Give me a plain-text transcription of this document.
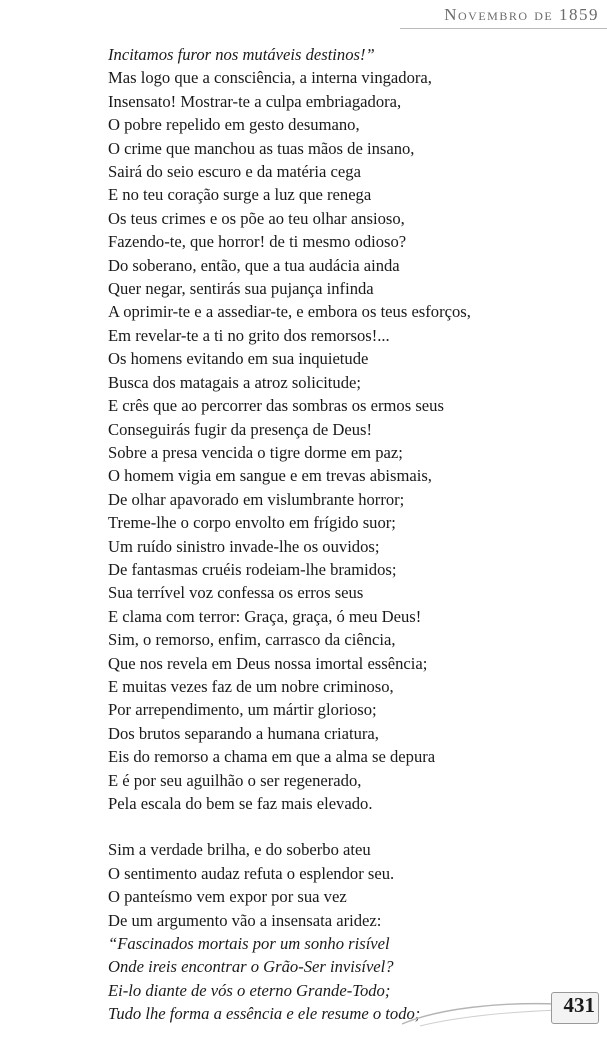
Novembro de 1859
Incitamos furor nos mutáveis destinos!”
Mas logo que a consciência, a interna vingadora,
Insensato! Mostrar-te a culpa embriagadora,
O pobre repelido em gesto desumano,
O crime que manchou as tuas mãos de insano,
Sairá do seio escuro e da matéria cega
E no teu coração surge a luz que renega
Os teus crimes e os põe ao teu olhar ansioso,
Fazendo-te, que horror! de ti mesmo odioso?
Do soberano, então, que a tua audácia ainda
Quer negar, sentirás sua pujança infinda
A oprimir-te e a assediar-te, e embora os teus esforços,
Em revelar-te a ti no grito dos remorsos!...
Os homens evitando em sua inquietude
Busca dos matagais a atroz solicitude;
E crês que ao percorrer das sombras os ermos seus
Conseguirás fugir da presença de Deus!
Sobre a presa vencida o tigre dorme em paz;
O homem vigia em sangue e em trevas abismais,
De olhar apavorado em vislumbrante horror;
Treme-lhe o corpo envolto em frígido suor;
Um ruído sinistro invade-lhe os ouvidos;
De fantasmas cruéis rodeiam-lhe bramidos;
Sua terrível voz confessa os erros seus
E clama com terror: Graça, graça, ó meu Deus!
Sim, o remorso, enfim, carrasco da ciência,
Que nos revela em Deus nossa imortal essência;
E muitas vezes faz de um nobre criminoso,
Por arrependimento, um mártir glorioso;
Dos brutos separando a humana criatura,
Eis do remorso a chama em que a alma se depura
E é por seu aguilhão o ser regenerado,
Pela escala do bem se faz mais elevado.
Sim a verdade brilha, e do soberbo ateu
O sentimento audaz refuta o esplendor seu.
O panteísmo vem expor por sua vez
De um argumento vão a insensata aridez:
“Fascinados mortais por um sonho risível
Onde ireis encontrar o Grão-Ser invisível?
Ei-lo diante de vós o eterno Grande-Todo;
Tudo lhe forma a essência e ele resume o todo;	431
